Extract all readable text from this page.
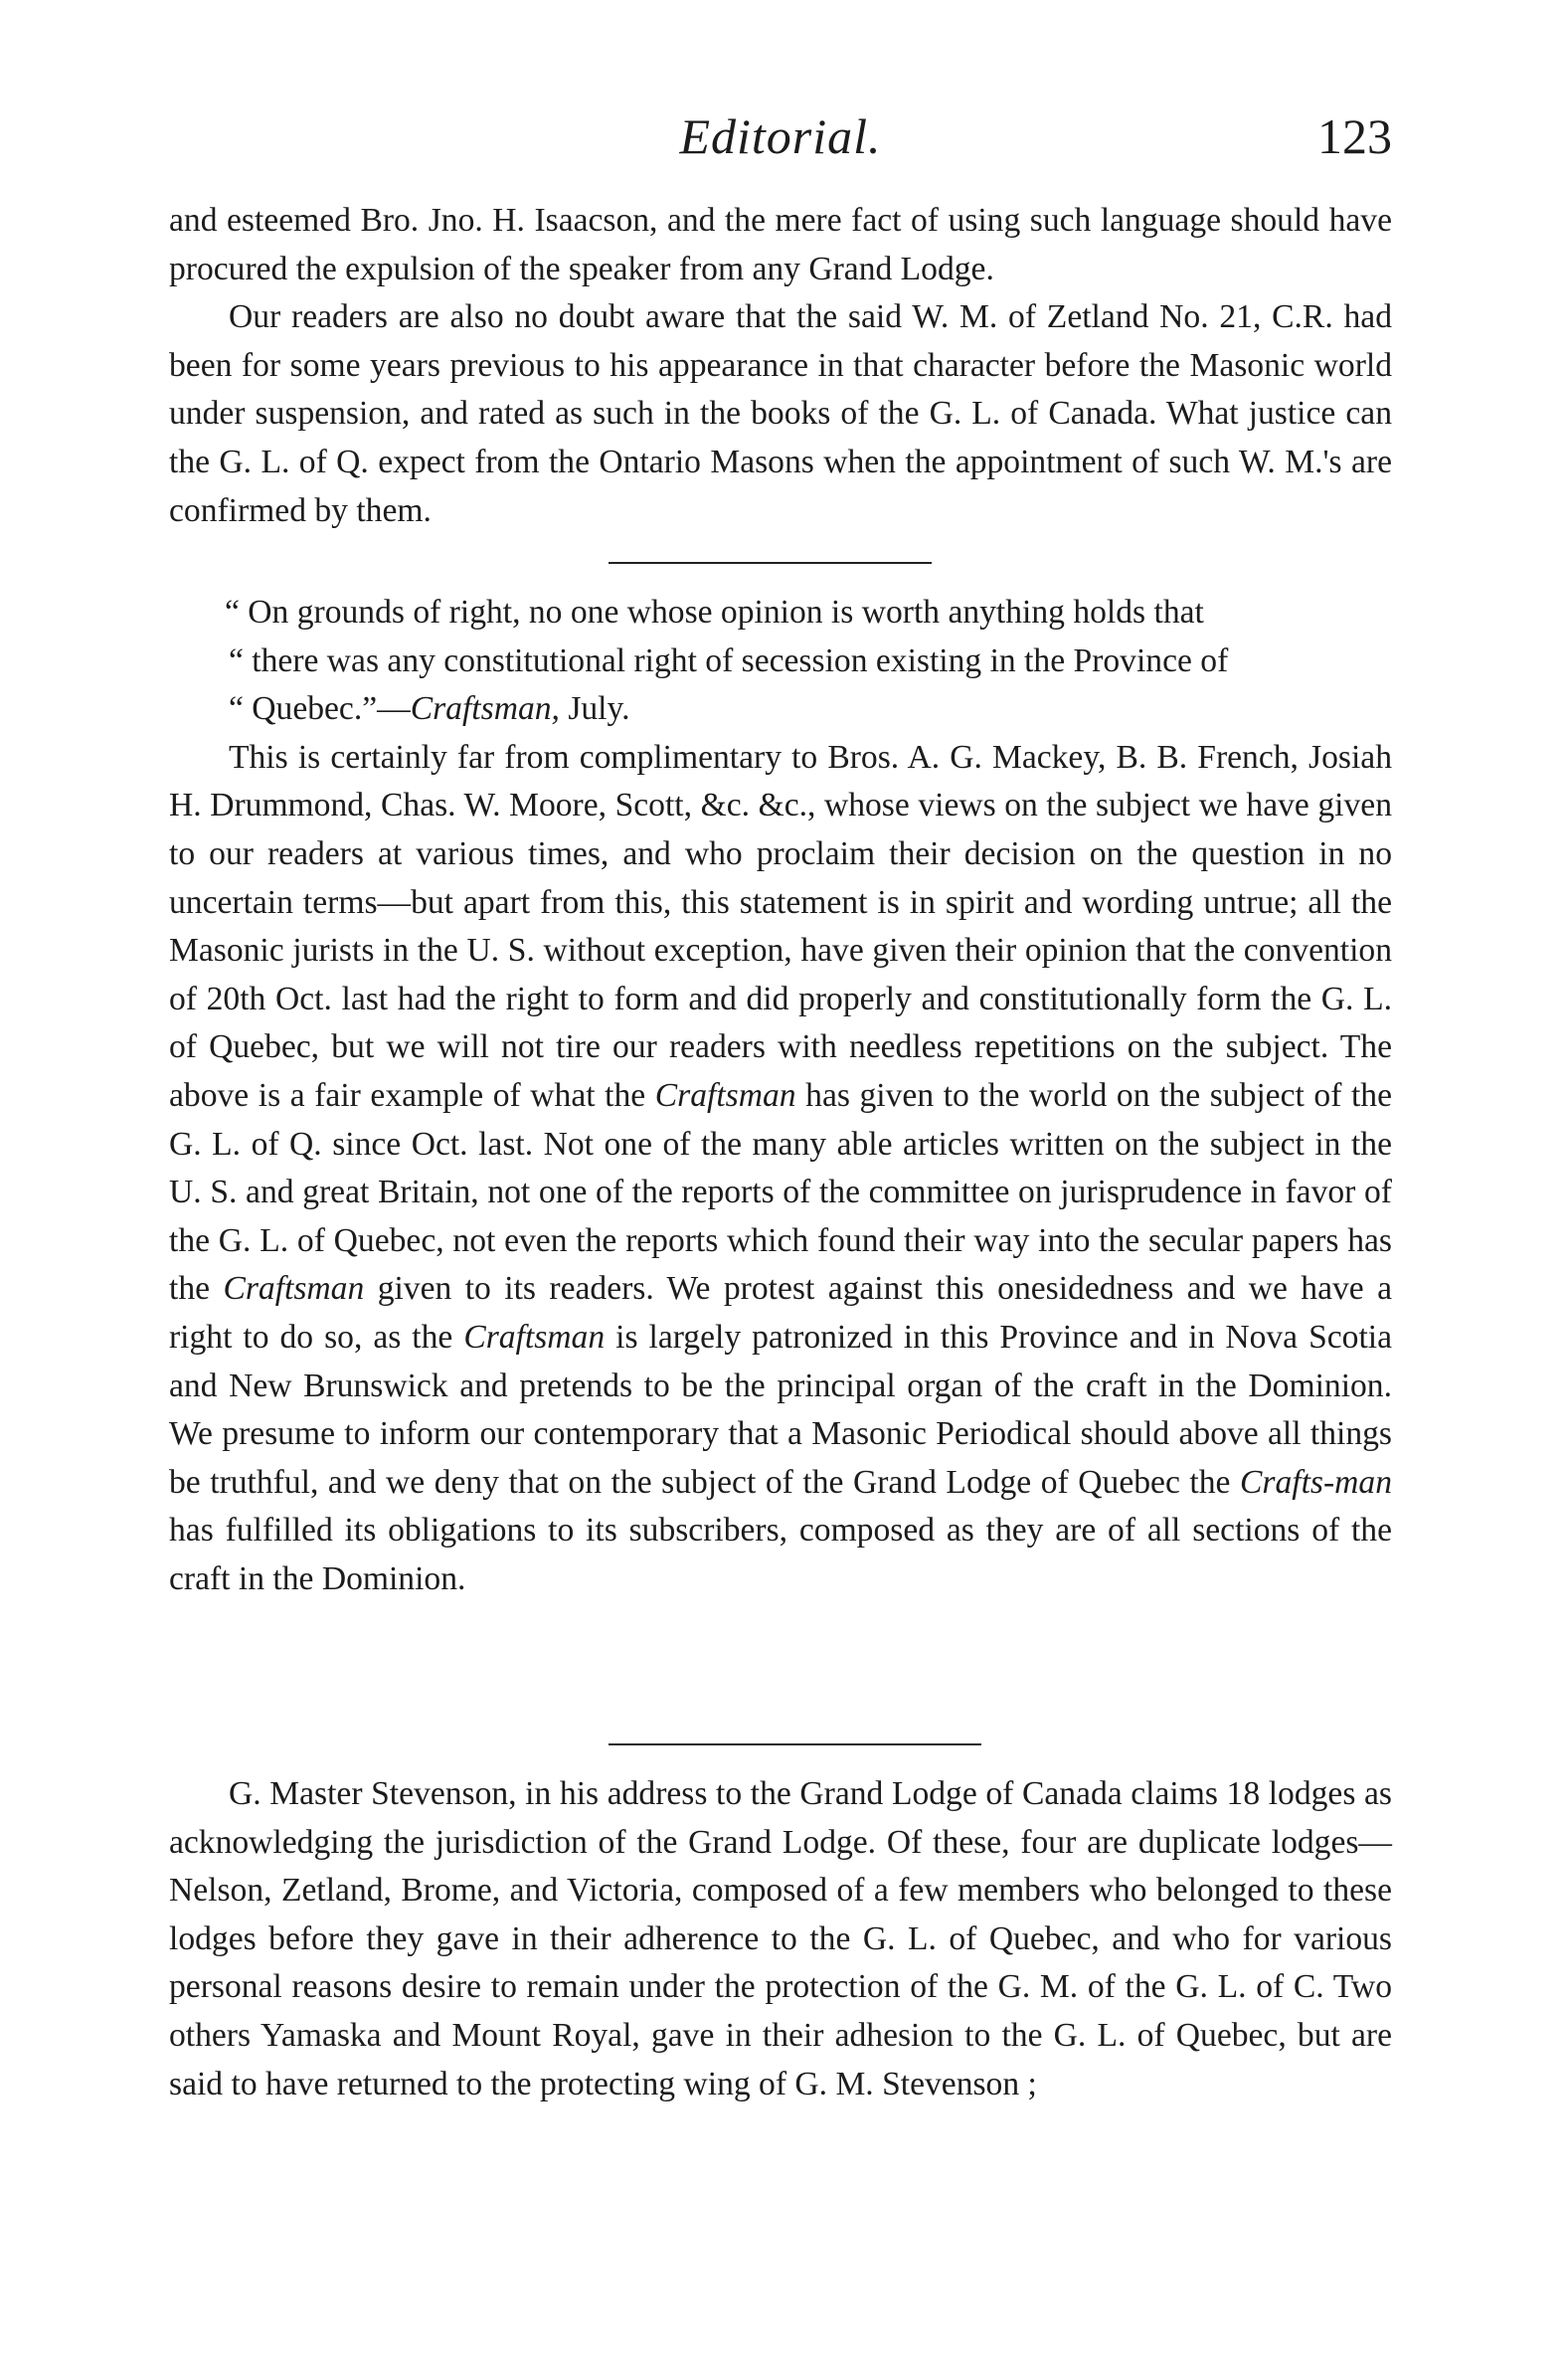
Editorial.	123

and esteemed Bro. Jno. H. Isaacson, and the mere fact of using such language should have procured the expulsion of the speaker from any Grand Lodge.

Our readers are also no doubt aware that the said W. M. of Zetland No. 21, C.R. had been for some years previous to his appearance in that character before the Masonic world under suspension, and rated as such in the books of the G. L. of Canada. What justice can the G. L. of Q. expect from the Ontario Masons when the appointment of such W. M.'s are confirmed by them.

“ On grounds of right, no one whose opinion is worth anything holds that

“ there was any constitutional right of secession existing in the Province of

“ Quebec.”—Craftsman, July.

This is certainly far from complimentary to Bros. A. G. Mackey, B. B. French, Josiah H. Drummond, Chas. W. Moore, Scott, &c. &c., whose views on the subject we have given to our readers at various times, and who proclaim their decision on the question in no uncertain terms—but apart from this, this statement is in spirit and wording untrue; all the Masonic jurists in the U. S. without exception, have given their opinion that the convention of 20th Oct. last had the right to form and did properly and constitutionally form the G. L. of Quebec, but we will not tire our readers with needless repetitions on the subject. The above is a fair example of what the Craftsman has given to the world on the subject of the G. L. of Q. since Oct. last. Not one of the many able articles written on the subject in the U. S. and great Britain, not one of the reports of the committee on jurisprudence in favor of the G. L. of Quebec, not even the reports which found their way into the secular papers has the Craftsman given to its readers. We protest against this onesidedness and we have a right to do so, as the Craftsman is largely patronized in this Province and in Nova Scotia and New Brunswick and pretends to be the principal organ of the craft in the Dominion. We presume to inform our contemporary that a Masonic Periodical should above all things be truthful, and we deny that on the subject of the Grand Lodge of Quebec the Crafts-man has fulfilled its obligations to its subscribers, composed as they are of all sections of the craft in the Dominion.

G. Master Stevenson, in his address to the Grand Lodge of Canada claims 18 lodges as acknowledging the jurisdiction of the Grand Lodge. Of these, four are duplicate lodges—Nelson, Zetland, Brome, and Victoria, composed of a few members who belonged to these lodges before they gave in their adherence to the G. L. of Quebec, and who for various personal reasons desire to remain under the protection of the G. M. of the G. L. of C. Two others Yamaska and Mount Royal, gave in their adhesion to the G. L. of Quebec, but are said to have returned to the protecting wing of G. M. Stevenson ;
